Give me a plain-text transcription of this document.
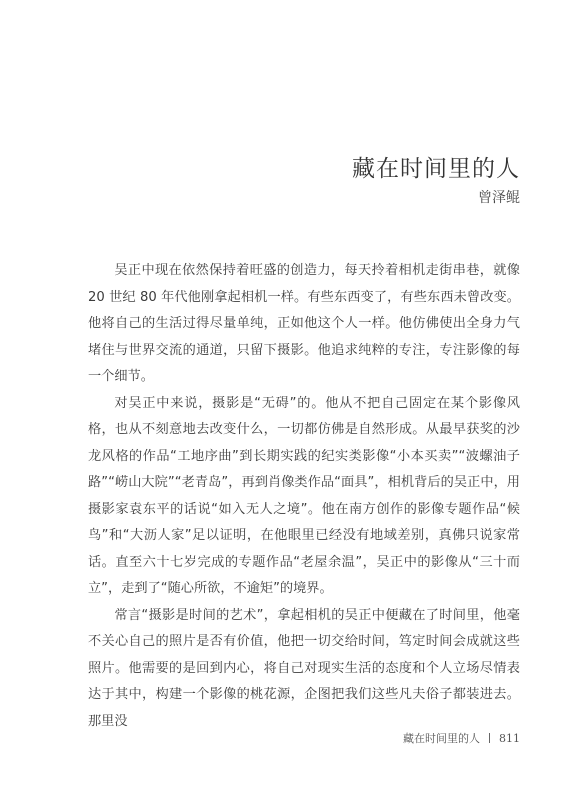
藏在时间里的人
曾泽鲲

吴正中现在依然保持着旺盛的创造力，每天拎着相机走街串巷，就像 20 世纪 80 年代他刚拿起相机一样。有些东西变了，有些东西未曾改变。他将自己的生活过得尽量单纯，正如他这个人一样。他仿佛使出全身力气堵住与世界交流的通道，只留下摄影。他追求纯粹的专注，专注影像的每一个细节。

对吴正中来说，摄影是“无碍”的。他从不把自己固定在某个影像风格，也从不刻意地去改变什么，一切都仿佛是自然形成。从最早获奖的沙龙风格的作品“工地序曲”到长期实践的纪实类影像“小本买卖”“波螺油子路”“崂山大院”“老青岛”，再到肖像类作品“面具”，相机背后的吴正中，用摄影家袁东平的话说“如入无人之境”。他在南方创作的影像专题作品“候鸟”和“大沥人家”足以证明，在他眼里已经没有地域差别，真佛只说家常话。直至六十七岁完成的专题作品“老屋余温”，吴正中的影像从“三十而立”，走到了“随心所欲，不逾矩”的境界。

常言“摄影是时间的艺术”，拿起相机的吴正中便藏在了时间里，他毫不关心自己的照片是否有价值，他把一切交给时间，笃定时间会成就这些照片。他需要的是回到内心，将自己对现实生活的态度和个人立场尽情表达于其中，构建一个影像的桃花源，企图把我们这些凡夫俗子都装进去。那里没

藏在时间里的人 811
